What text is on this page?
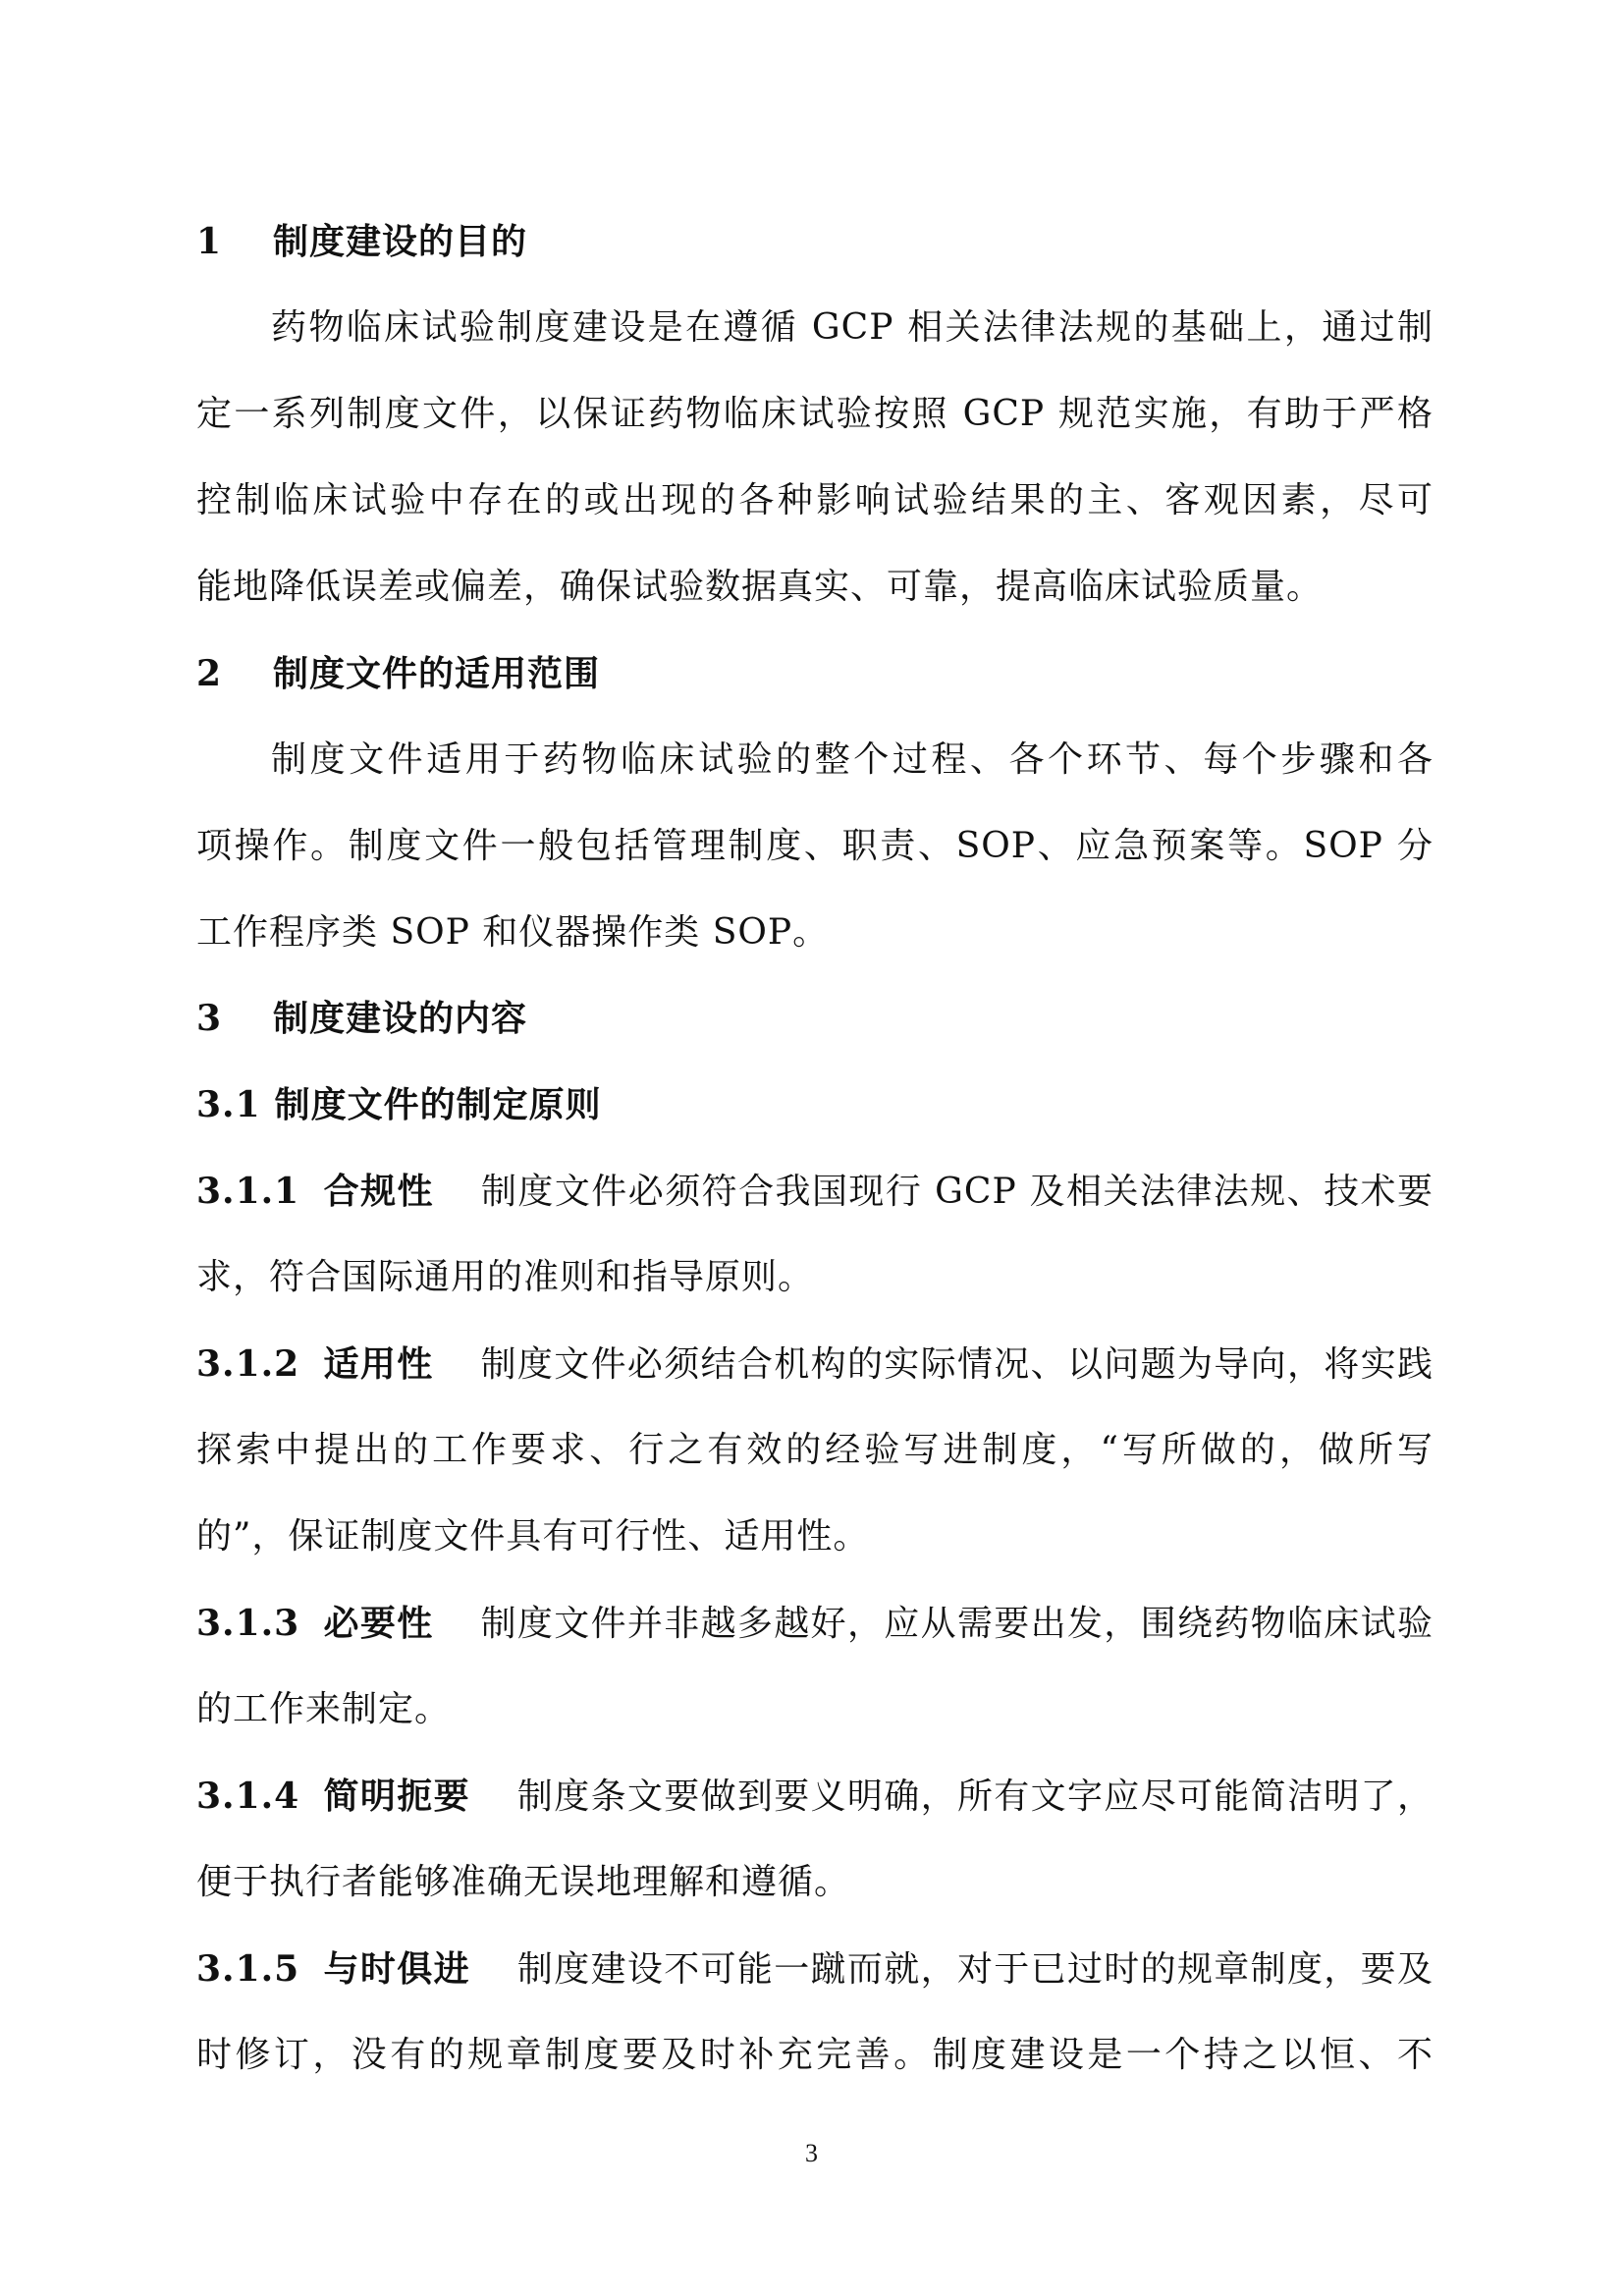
1 制度建设的目的
药物临床试验制度建设是在遵循 GCP 相关法律法规的基础上，通过制
定一系列制度文件，以保证药物临床试验按照 GCP 规范实施，有助于严格
控制临床试验中存在的或出现的各种影响试验结果的主、客观因素，尽可
能地降低误差或偏差，确保试验数据真实、可靠，提高临床试验质量。
2 制度文件的适用范围
制度文件适用于药物临床试验的整个过程、各个环节、每个步骤和各
项操作。制度文件一般包括管理制度、职责、SOP、应急预案等。SOP 分
工作程序类 SOP 和仪器操作类 SOP。
3 制度建设的内容
3.1 制度文件的制定原则
3.1.1 合规性 制度文件必须符合我国现行 GCP 及相关法律法规、技术要
求，符合国际通用的准则和指导原则。
3.1.2 适用性 制度文件必须结合机构的实际情况、以问题为导向，将实践
探索中提出的工作要求、行之有效的经验写进制度，“写所做的，做所写
的”，保证制度文件具有可行性、适用性。
3.1.3 必要性 制度文件并非越多越好，应从需要出发，围绕药物临床试验
的工作来制定。
3.1.4 简明扼要 制度条文要做到要义明确，所有文字应尽可能简洁明了，
便于执行者能够准确无误地理解和遵循。
3.1.5 与时俱进 制度建设不可能一蹴而就，对于已过时的规章制度，要及
时修订，没有的规章制度要及时补充完善。制度建设是一个持之以恒、不
3
